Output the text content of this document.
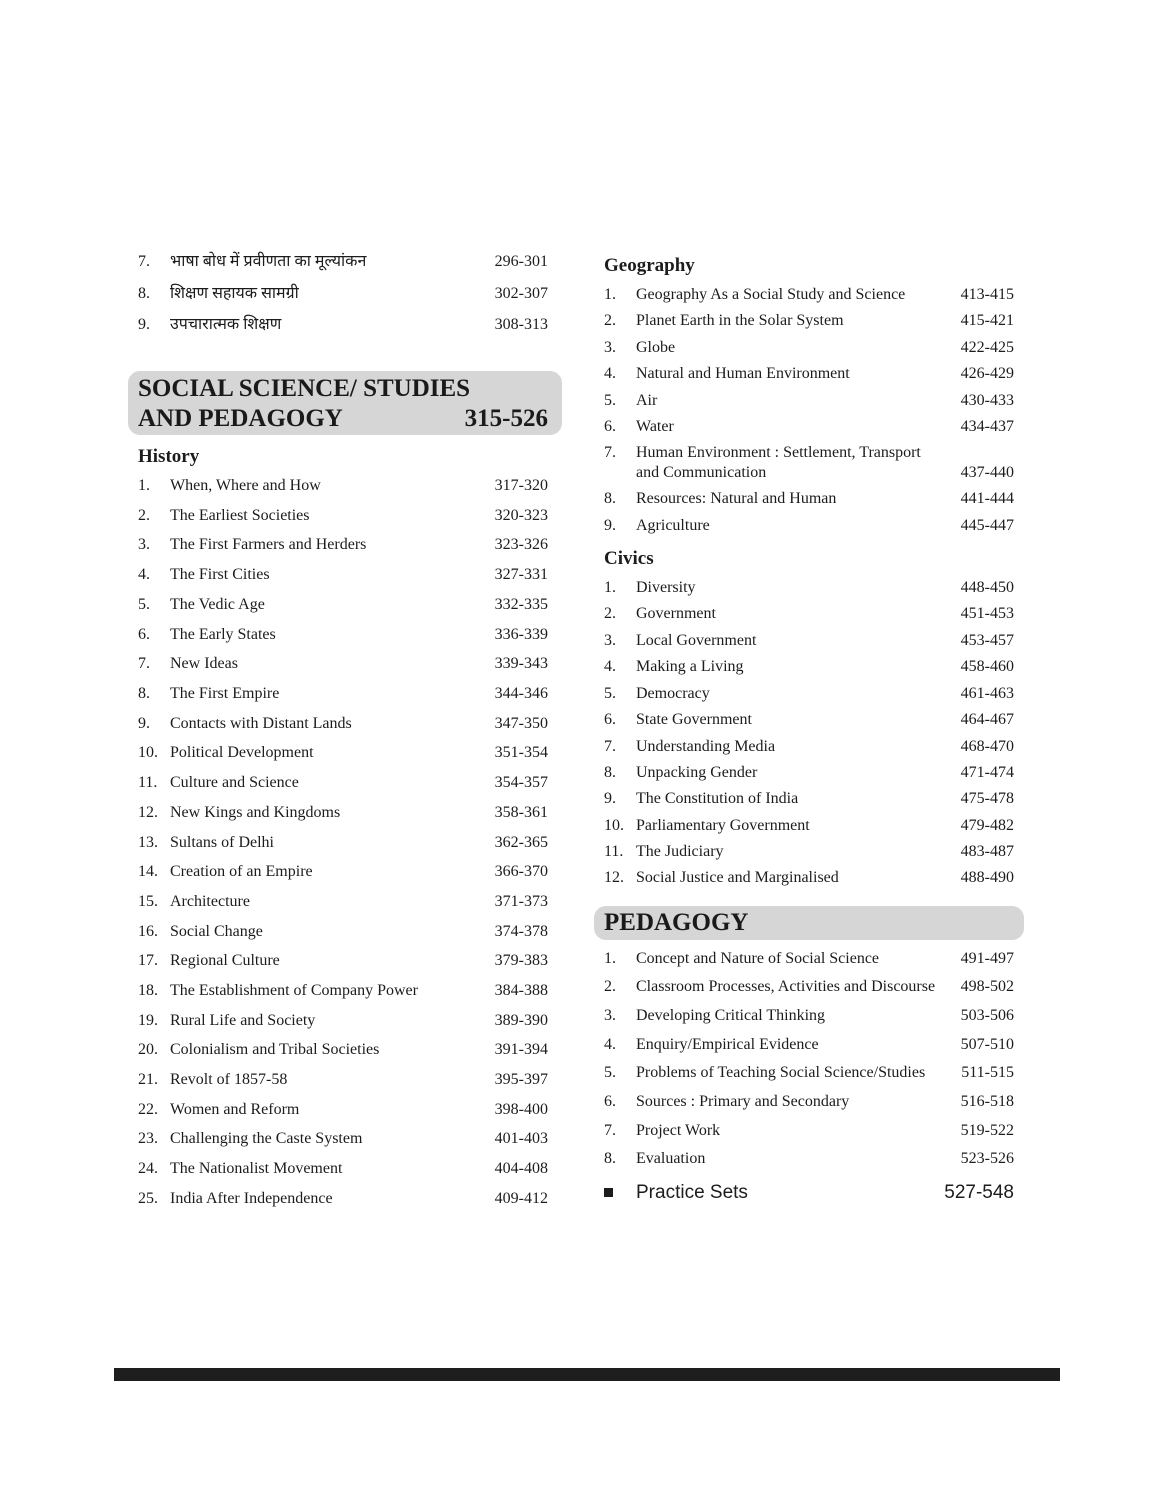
7.	भाषा बोध में प्रवीणता का मूल्यांकन	296-301
8.	शिक्षण सहायक सामग्री	302-307
9.	उपचारात्मक शिक्षण	308-313
SOCIAL SCIENCE/ STUDIES
AND PEDAGOGY	315-526
History
1.	When, Where and How	317-320
2.	The Earliest Societies	320-323
3.	The First Farmers and Herders	323-326
4.	The First Cities	327-331
5.	The Vedic Age	332-335
6.	The Early States	336-339
7.	New Ideas	339-343
8.	The First Empire	344-346
9.	Contacts with Distant Lands	347-350
10. Political Development	351-354
11. Culture and Science	354-357
12. New Kings and Kingdoms	358-361
13. Sultans of Delhi	362-365
14. Creation of an Empire	366-370
15. Architecture	371-373
16. Social Change	374-378
17. Regional Culture	379-383
18. The Establishment of Company Power	384-388
19. Rural Life and Society	389-390
20. Colonialism and Tribal Societies	391-394
21. Revolt of 1857-58	395-397
22. Women and Reform	398-400
23. Challenging the Caste System	401-403
24. The Nationalist Movement	404-408
25. India After Independence	409-412
Geography
1.	Geography As a Social Study and Science	413-415
2.	Planet Earth in the Solar System	415-421
3.	Globe	422-425
4.	Natural and Human Environment	426-429
5.	Air	430-433
6.	Water	434-437
7.	Human Environment : Settlement, Transport and Communication	437-440
8.	Resources: Natural and Human	441-444
9.	Agriculture	445-447
Civics
1.	Diversity	448-450
2.	Government	451-453
3.	Local Government	453-457
4.	Making a Living	458-460
5.	Democracy	461-463
6.	State Government	464-467
7.	Understanding Media	468-470
8.	Unpacking Gender	471-474
9.	The Constitution of India	475-478
10. Parliamentary Government	479-482
11. The Judiciary	483-487
12. Social Justice and Marginalised	488-490
PEDAGOGY
1.	Concept and Nature of Social Science	491-497
2.	Classroom Processes, Activities and Discourse	498-502
3.	Developing Critical Thinking	503-506
4.	Enquiry/Empirical Evidence	507-510
5.	Problems of Teaching Social Science/Studies	511-515
6.	Sources : Primary and Secondary	516-518
7.	Project Work	519-522
8.	Evaluation	523-526
Practice Sets	527-548
